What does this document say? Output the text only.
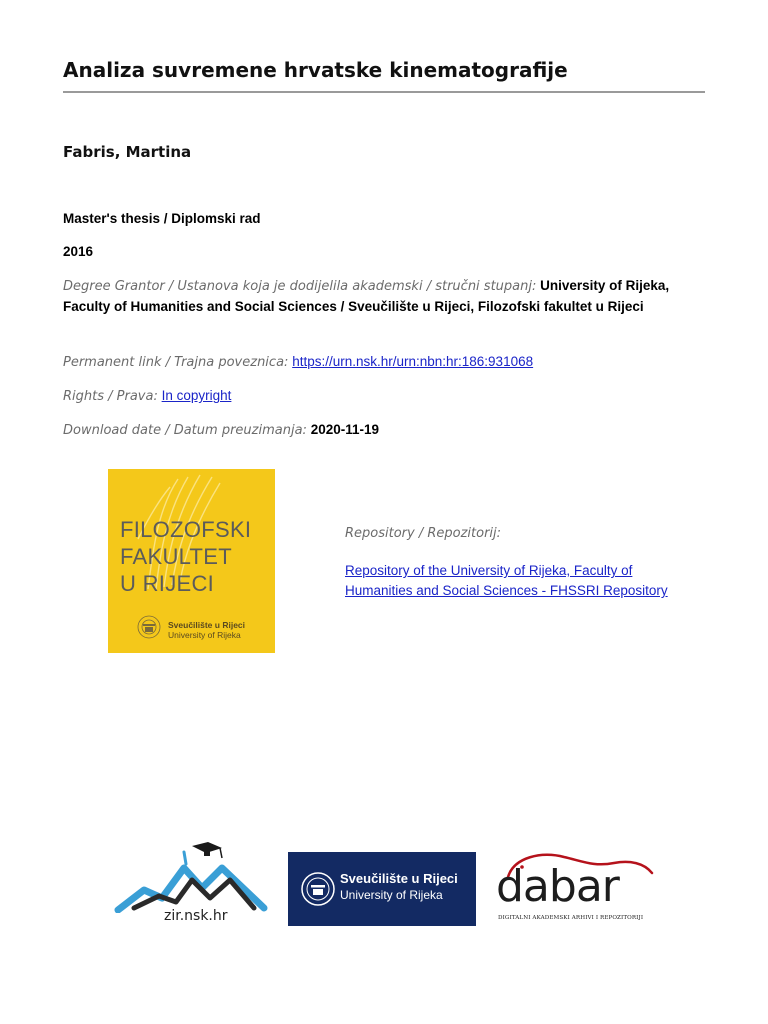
Analiza suvremene hrvatske kinematografije
Fabris, Martina
Master's thesis / Diplomski rad
2016
Degree Grantor / Ustanova koja je dodijelila akademski / stručni stupanj: University of Rijeka, Faculty of Humanities and Social Sciences / Sveučilište u Rijeci, Filozofski fakultet u Rijeci
Permanent link / Trajna poveznica: https://urn.nsk.hr/urn:nbn:hr:186:931068
Rights / Prava: In copyright
Download date / Datum preuzimanja: 2020-11-19
FILOZOFSKI
FAKULTET
U RIJECI
Sveučilište u Rijeci
University of Rijeka
Repository / Repozitorij:
Repository of the University of Rijeka, Faculty of Humanities and Social Sciences - FHSSRI Repository
zir.nsk.hr
Sveučilište u Rijeci
University of Rijeka dabar
DIGITALNI AKADEMSKI ARHIVI I REPOZITORIJI
